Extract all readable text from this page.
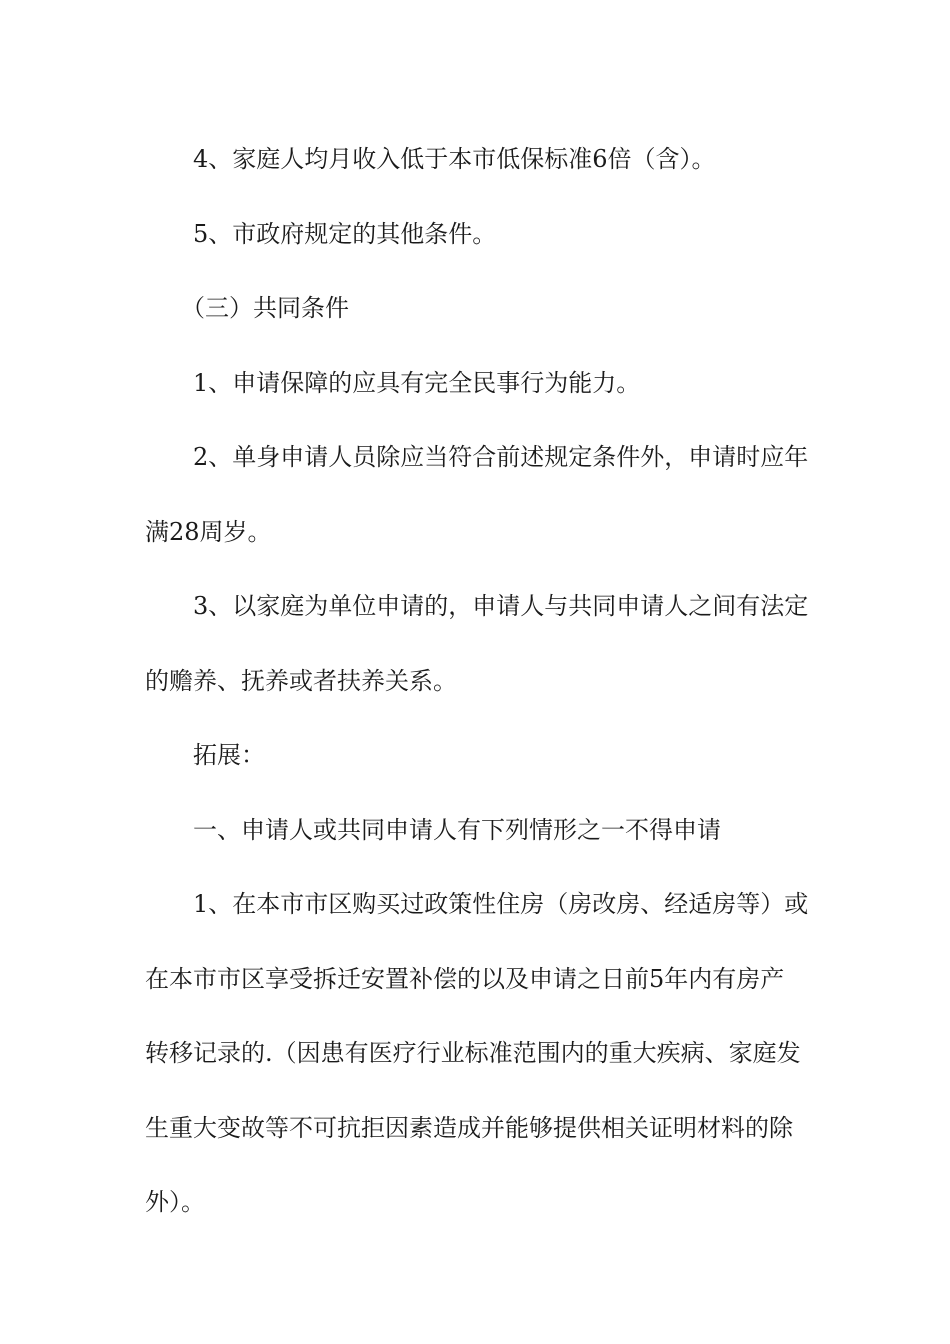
4、家庭人均月收入低于本市低保标准6倍（含）。
5、市政府规定的其他条件。
（三）共同条件
1、申请保障的应具有完全民事行为能力。
2、单身申请人员除应当符合前述规定条件外，申请时应年
满28周岁。
3、以家庭为单位申请的，申请人与共同申请人之间有法定
的赡养、抚养或者扶养关系。
拓展：
一、申请人或共同申请人有下列情形之一不得申请
1、在本市市区购买过政策性住房（房改房、经适房等）或
在本市市区享受拆迁安置补偿的以及申请之日前5年内有房产
转移记录的.（因患有医疗行业标准范围内的重大疾病、家庭发
生重大变故等不可抗拒因素造成并能够提供相关证明材料的除
外）。
